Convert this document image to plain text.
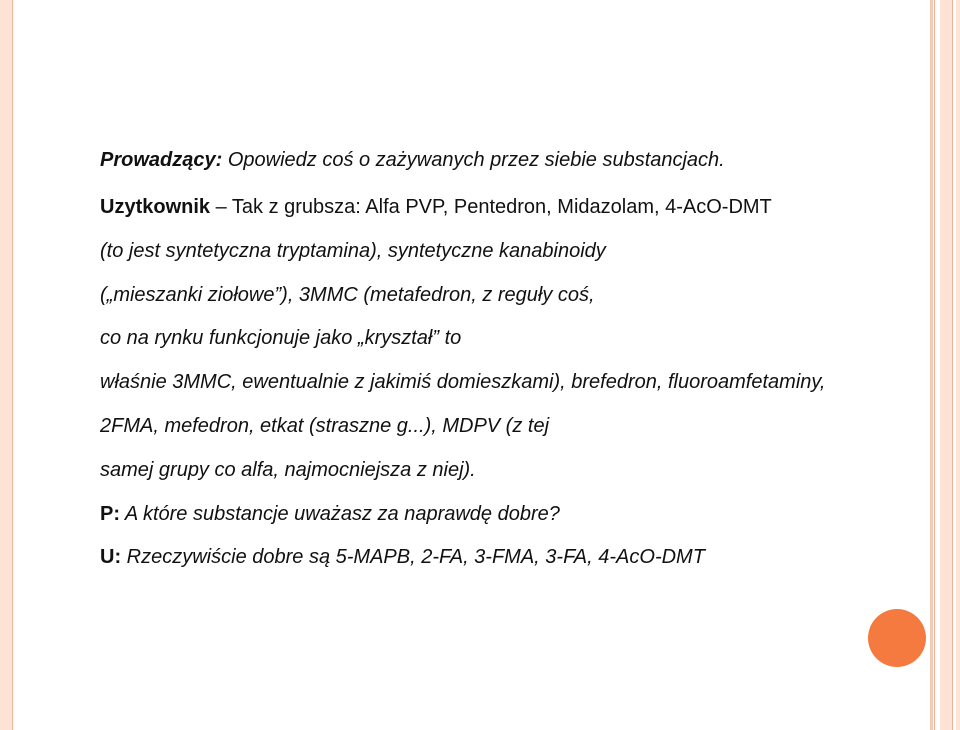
Prowadzący: Opowiedz coś o zażywanych przez siebie substancjach.
Uzytkownik – Tak z grubsza: Alfa PVP, Pentedron, Midazolam, 4-AcO-DMT
(to jest syntetyczna tryptamina), syntetyczne kanabinoidy
(„mieszanki ziołowe”), 3MMC (metafedron, z reguły coś,
co na rynku funkcjonuje jako „kryształ” to
właśnie 3MMC, ewentualnie z jakimiś domieszkami), brefedron, fluoroamfetaminy,
2FMA, mefedron, etkat (straszne g...), MDPV (z tej
samej grupy co alfa, najmocniejsza z niej).
P: A które substancje uważasz za naprawdę dobre?
U: Rzeczywiście dobre są 5-MAPB, 2-FA, 3-FMA, 3-FA, 4-AcO-DMT
